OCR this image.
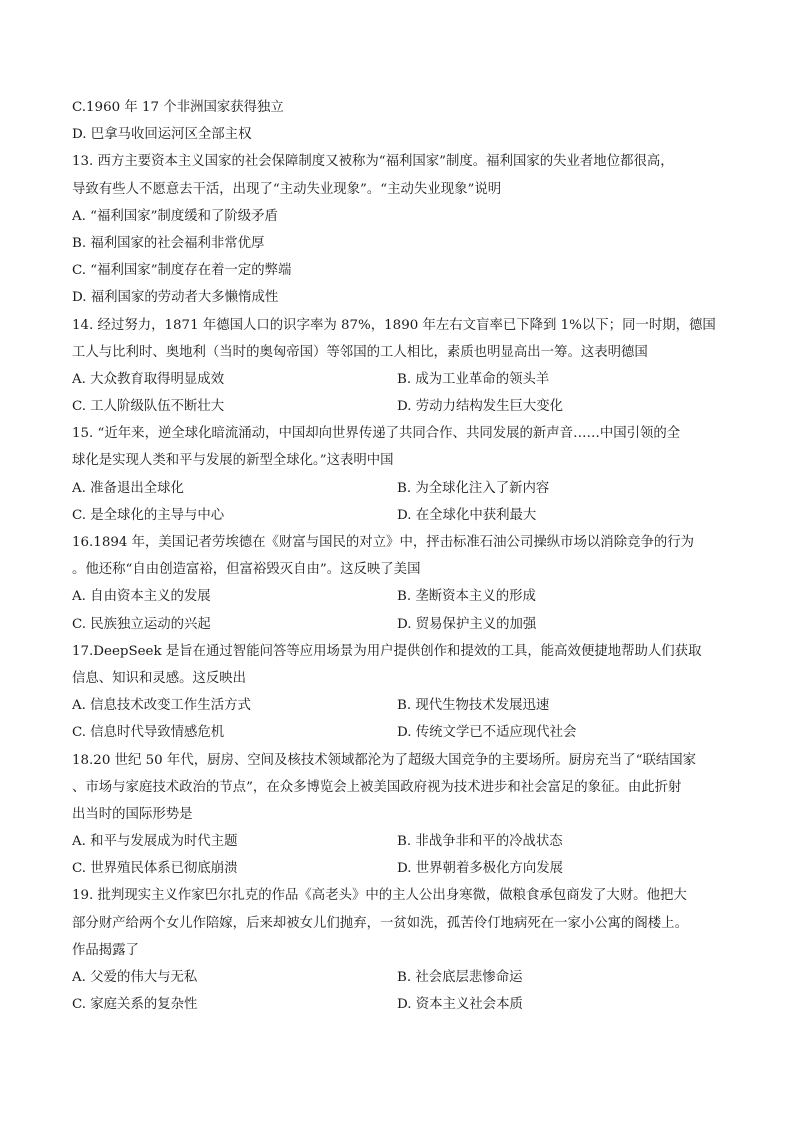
C.1960 年 17 个非洲国家获得独立
D. 巴拿马收回运河区全部主权
13. 西方主要资本主义国家的社会保障制度又被称为“福利国家”制度。福利国家的失业者地位都很高，
导致有些人不愿意去干活，出现了“主动失业现象”。“主动失业现象”说明
A. “福利国家”制度缓和了阶级矛盾
B. 福利国家的社会福利非常优厚
C. “福利国家”制度存在着一定的弊端
D. 福利国家的劳动者大多懒惰成性
14. 经过努力，1871 年德国人口的识字率为 87%，1890 年左右文盲率已下降到 1%以下；同一时期，德国
工人与比利时、奥地利（当时的奥匈帝国）等邻国的工人相比，素质也明显高出一筹。这表明德国
A. 大众教育取得明显成效	B. 成为工业革命的领头羊
C. 工人阶级队伍不断壮大	D. 劳动力结构发生巨大变化
15. “近年来，逆全球化暗流涌动，中国却向世界传递了共同合作、共同发展的新声音……中国引领的全
球化是实现人类和平与发展的新型全球化。”这表明中国
A. 准备退出全球化	B. 为全球化注入了新内容
C. 是全球化的主导与中心	D. 在全球化中获利最大
16.1894 年，美国记者劳埃德在《财富与国民的对立》中，抨击标准石油公司操纵市场以消除竞争的行为
。他还称“自由创造富裕，但富裕毁灭自由”。这反映了美国
A. 自由资本主义的发展	B. 垄断资本主义的形成
C. 民族独立运动的兴起	D. 贸易保护主义的加强
17.DeepSeek 是旨在通过智能问答等应用场景为用户提供创作和提效的工具，能高效便捷地帮助人们获取
信息、知识和灵感。这反映出
A. 信息技术改变工作生活方式	B. 现代生物技术发展迅速
C. 信息时代导致情感危机	D. 传统文学已不适应现代社会
18.20 世纪 50 年代，厨房、空间及核技术领域都沦为了超级大国竞争的主要场所。厨房充当了“联结国家
、市场与家庭技术政治的节点”，在众多博览会上被美国政府视为技术进步和社会富足的象征。由此折射
出当时的国际形势是
A. 和平与发展成为时代主题	B. 非战争非和平的冷战状态
C. 世界殖民体系已彻底崩溃	D. 世界朝着多极化方向发展
19. 批判现实主义作家巴尔扎克的作品《高老头》中的主人公出身寒微，做粮食承包商发了大财。他把大
部分财产给两个女儿作陪嫁，后来却被女儿们抛弃，一贫如洗，孤苦伶仃地病死在一家小公寓的阁楼上。
作品揭露了
A. 父爱的伟大与无私	B. 社会底层悲惨命运
C. 家庭关系的复杂性	D. 资本主义社会本质
